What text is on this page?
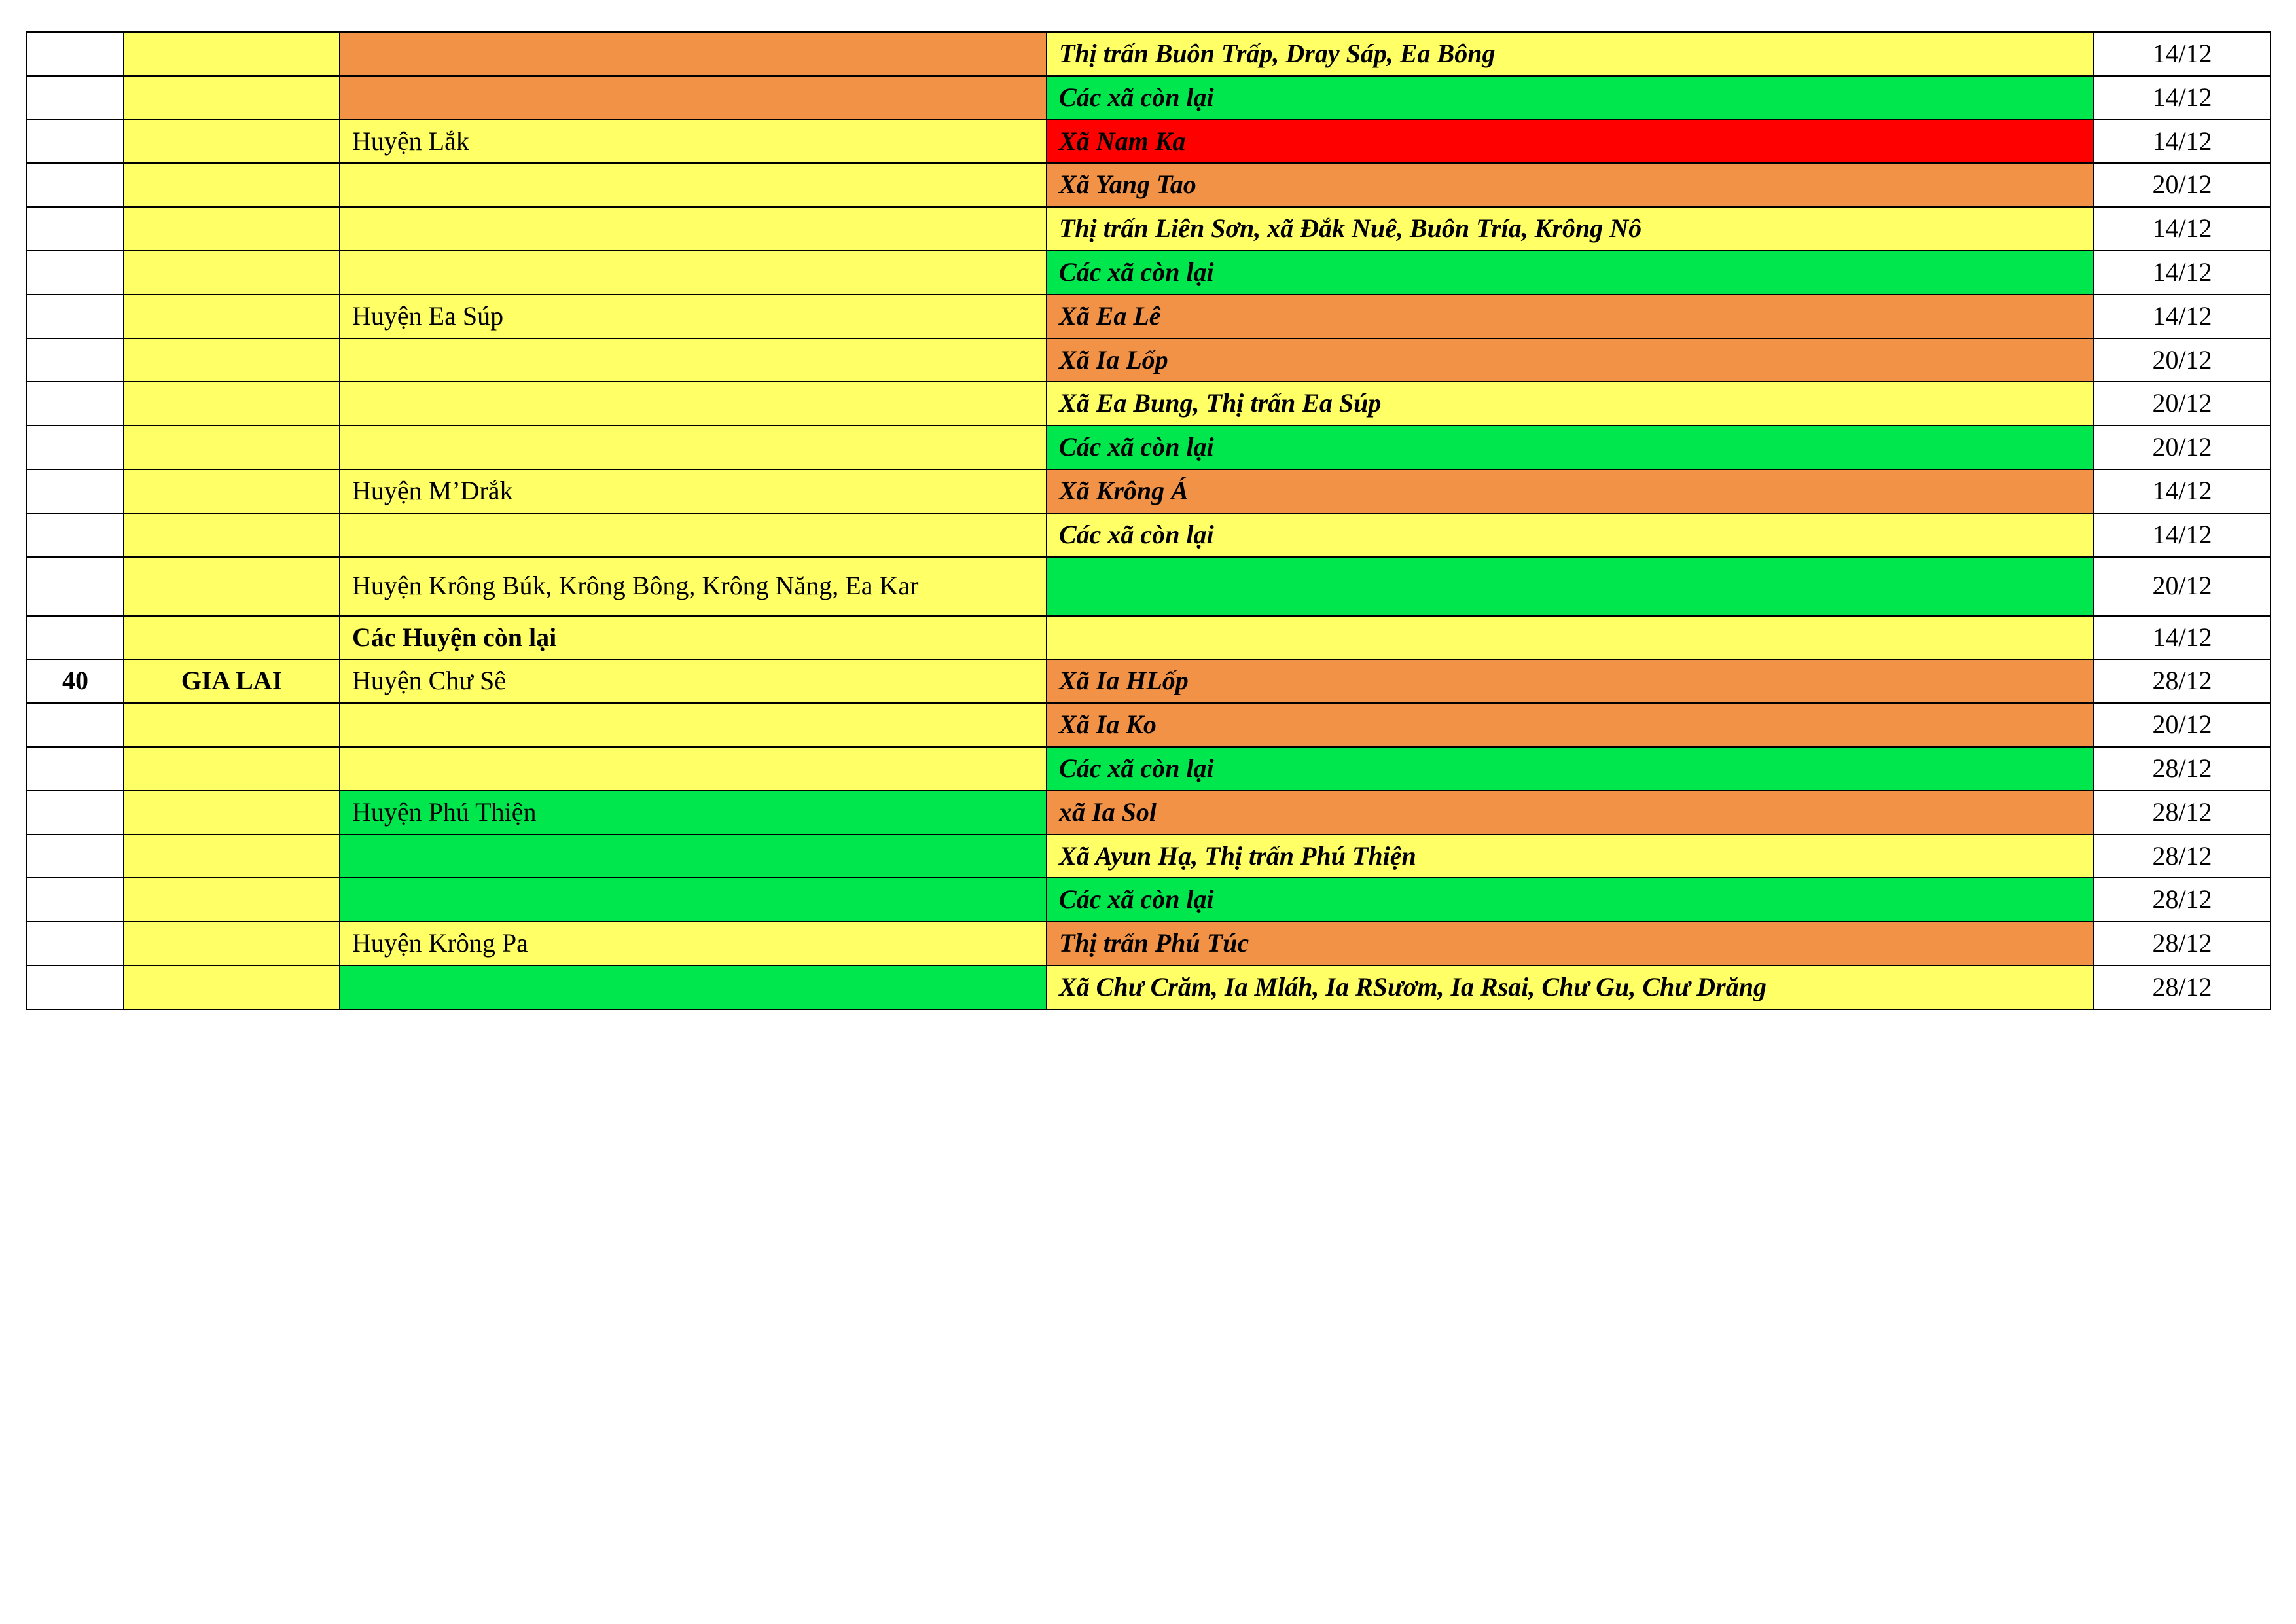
			Thị trấn Buôn Trấp, Dray Sáp, Ea Bông	14/12
			Các xã còn lại	14/12
		Huyện Lắk	Xã Nam Ka	14/12
			Xã Yang Tao	20/12
			Thị trấn Liên Sơn, xã Đắk Nuê, Buôn Tría, Krông Nô	14/12
			Các xã còn lại	14/12
		Huyện Ea Súp	Xã Ea Lê	14/12
			Xã Ia Lốp	20/12
			Xã Ea Bung, Thị trấn Ea Súp	20/12
			Các xã còn lại	20/12
		Huyện M’Drắk	Xã Krông Á	14/12
			Các xã còn lại	14/12
		Huyện Krông Búk, Krông Bông, Krông Năng, Ea Kar		20/12
		Các Huyện còn lại		14/12
40	GIA LAI	Huyện Chư Sê	Xã Ia HLốp	28/12
			Xã Ia Ko	20/12
			Các xã còn lại	28/12
		Huyện Phú Thiện	xã Ia Sol	28/12
			Xã Ayun Hạ, Thị trấn Phú Thiện	28/12
			Các xã còn lại	28/12
		Huyện Krông Pa	Thị trấn Phú Túc	28/12
			Xã Chư Crăm, Ia Mláh, Ia RSươm, Ia Rsai, Chư Gu, Chư Drăng	28/12
